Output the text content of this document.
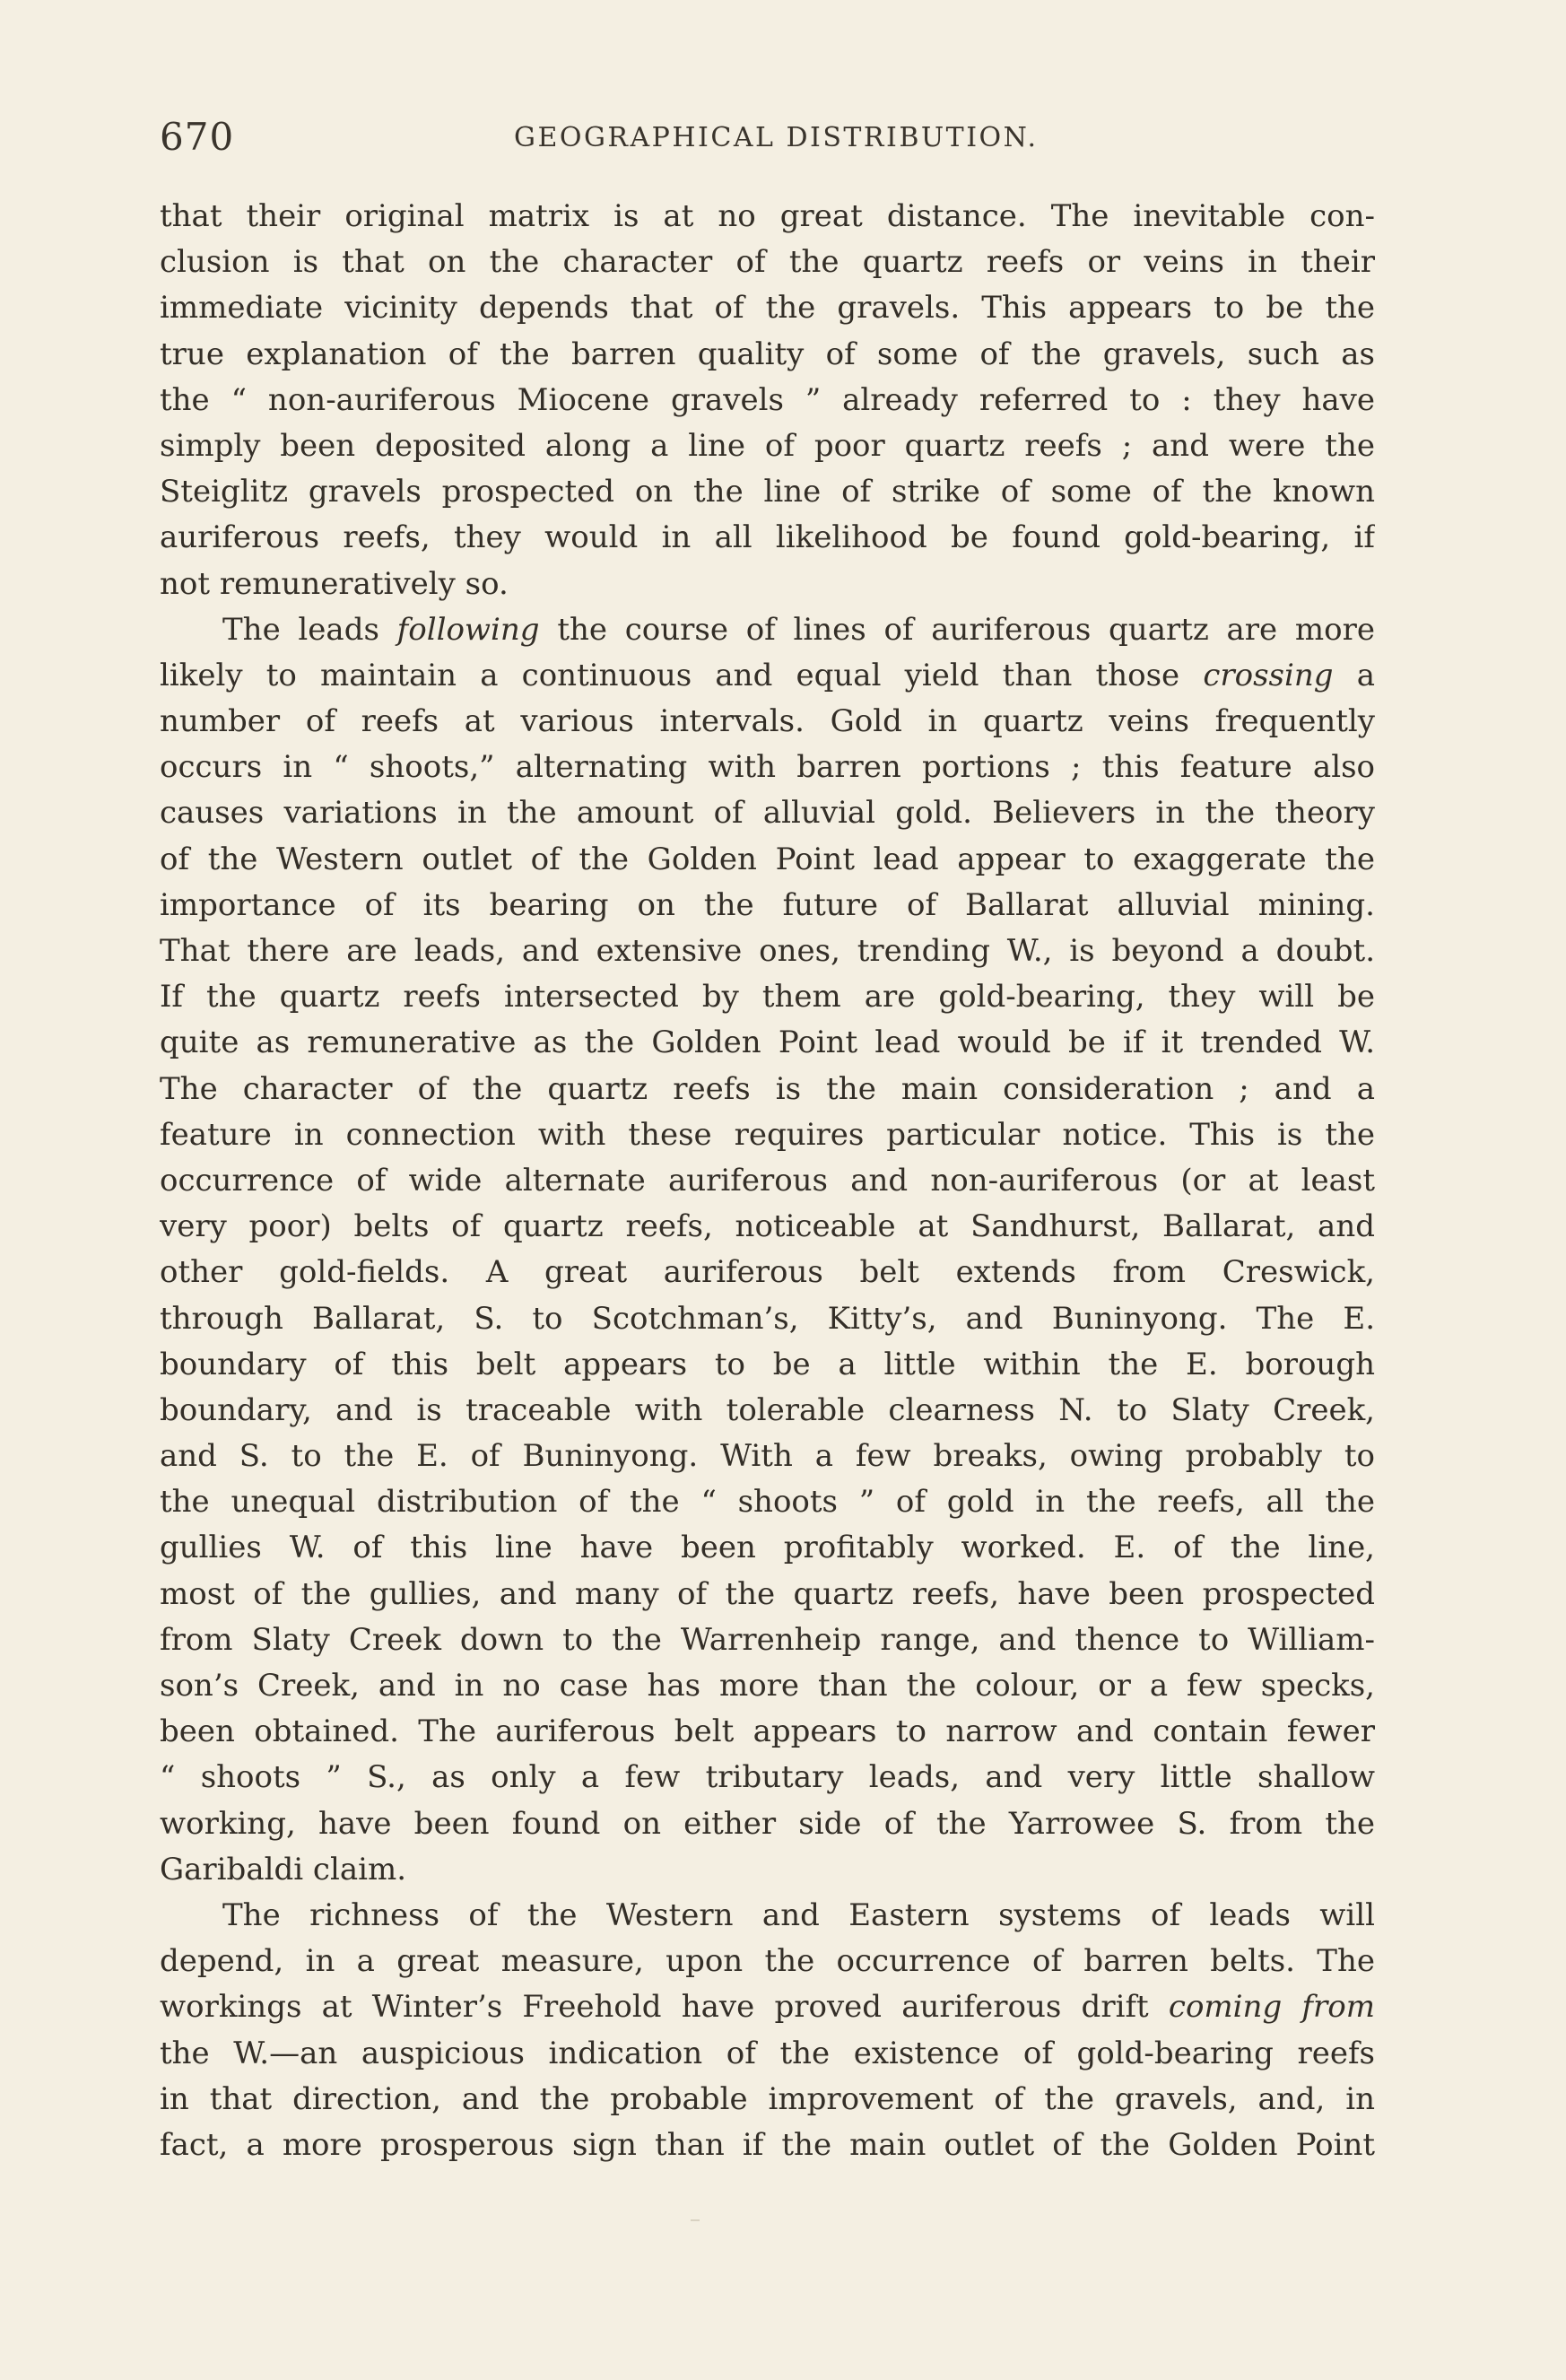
670	GEOGRAPHICAL DISTRIBUTION.
that their original matrix is at no great distance. The inevitable con-
clusion is that on the character of the quartz reefs or veins in their
immediate vicinity depends that of the gravels. This appears to be the
true explanation of the barren quality of some of the gravels, such as
the “ non-auriferous Miocene gravels ” already referred to : they have
simply been deposited along a line of poor quartz reefs ; and were the
Steiglitz gravels prospected on the line of strike of some of the known
auriferous reefs, they would in all likelihood be found gold-bearing, if
not remuneratively so.
The leads following the course of lines of auriferous quartz are more
likely to maintain a continuous and equal yield than those crossing a
number of reefs at various intervals. Gold in quartz veins frequently
occurs in “ shoots,” alternating with barren portions ; this feature also
causes variations in the amount of alluvial gold. Believers in the theory
of the Western outlet of the Golden Point lead appear to exaggerate the
importance of its bearing on the future of Ballarat alluvial mining.
That there are leads, and extensive ones, trending W., is beyond a doubt.
If the quartz reefs intersected by them are gold-bearing, they will be
quite as remunerative as the Golden Point lead would be if it trended W.
The character of the quartz reefs is the main consideration ; and a
feature in connection with these requires particular notice. This is the
occurrence of wide alternate auriferous and non-auriferous (or at least
very poor) belts of quartz reefs, noticeable at Sandhurst, Ballarat, and
other gold-fields. A great auriferous belt extends from Creswick,
through Ballarat, S. to Scotchman’s, Kitty’s, and Buninyong. The E.
boundary of this belt appears to be a little within the E. borough
boundary, and is traceable with tolerable clearness N. to Slaty Creek,
and S. to the E. of Buninyong. With a few breaks, owing probably to
the unequal distribution of the “ shoots ” of gold in the reefs, all the
gullies W. of this line have been profitably worked. E. of the line,
most of the gullies, and many of the quartz reefs, have been prospected
from Slaty Creek down to the Warrenheip range, and thence to William-
son’s Creek, and in no case has more than the colour, or a few specks,
been obtained. The auriferous belt appears to narrow and contain fewer
“ shoots ” S., as only a few tributary leads, and very little shallow
working, have been found on either side of the Yarrowee S. from the
Garibaldi claim.
The richness of the Western and Eastern systems of leads will
depend, in a great measure, upon the occurrence of barren belts. The
workings at Winter’s Freehold have proved auriferous drift coming from
the W.—an auspicious indication of the existence of gold-bearing reefs
in that direction, and the probable improvement of the gravels, and, in
fact, a more prosperous sign than if the main outlet of the Golden Point
